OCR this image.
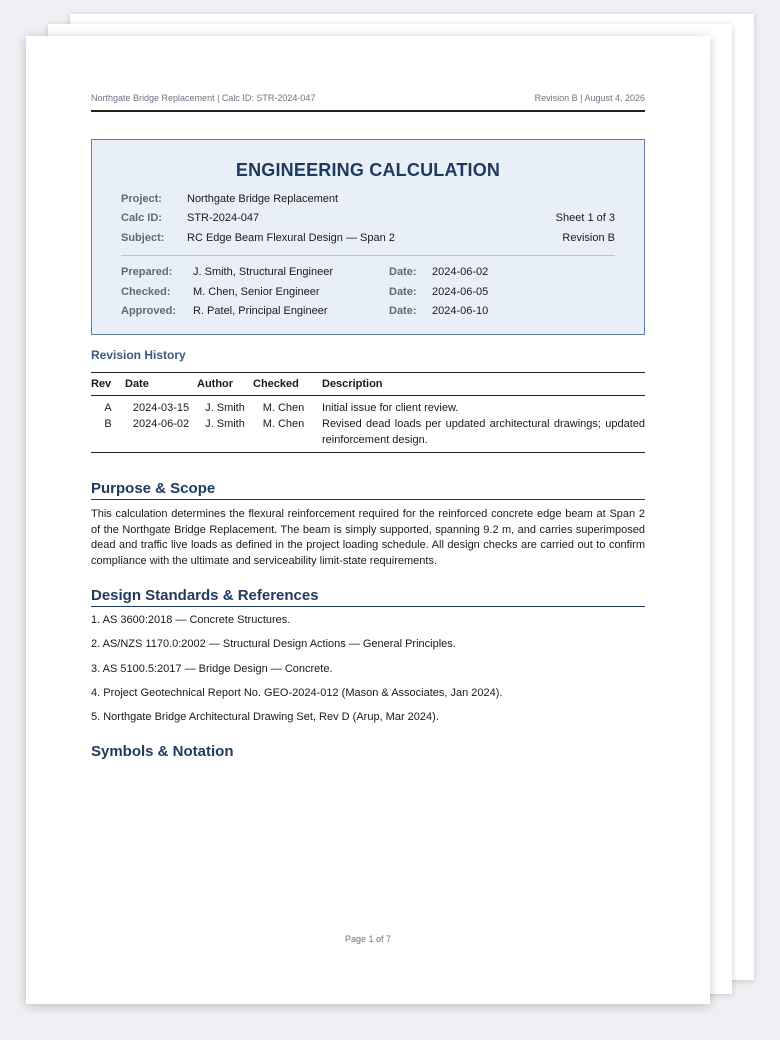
Northgate Bridge Replacement | Calc ID: STR-2024-047	Revision B | August 4, 2026
ENGINEERING CALCULATION
Project:	Northgate Bridge Replacement
Calc ID:	STR-2024-047	Sheet 1 of 3
Subject:	RC Edge Beam Flexural Design — Span 2	Revision B
Prepared:	J. Smith, Structural Engineer	Date:	2024-06-02
Checked:	M. Chen, Senior Engineer	Date:	2024-06-05
Approved:	R. Patel, Principal Engineer	Date:	2024-06-10
Revision History
Rev	Date	Author	Checked	Description
A	2024-03-15	J. Smith	M. Chen	Initial issue for client review.
B	2024-06-02	J. Smith	M. Chen	Revised dead loads per updated architectural drawings; updated reinforcement design.
Purpose & Scope

This calculation determines the flexural reinforcement required for the reinforced concrete edge beam at Span 2 of the Northgate Bridge Replacement. The beam is simply supported, spanning 9.2 m, and carries superimposed dead and traffic live loads as defined in the project loading schedule. All design checks are carried out to confirm compliance with the ultimate and serviceability limit-state requirements.

Design Standards & References
1. AS 3600:2018 — Concrete Structures.
2. AS/NZS 1170.0:2002 — Structural Design Actions — General Principles.
3. AS 5100.5:2017 — Bridge Design — Concrete.
4. Project Geotechnical Report No. GEO-2024-012 (Mason & Associates, Jan 2024).
5. Northgate Bridge Architectural Drawing Set, Rev D (Arup, Mar 2024).
Symbols & Notation
Page 1 of 7
